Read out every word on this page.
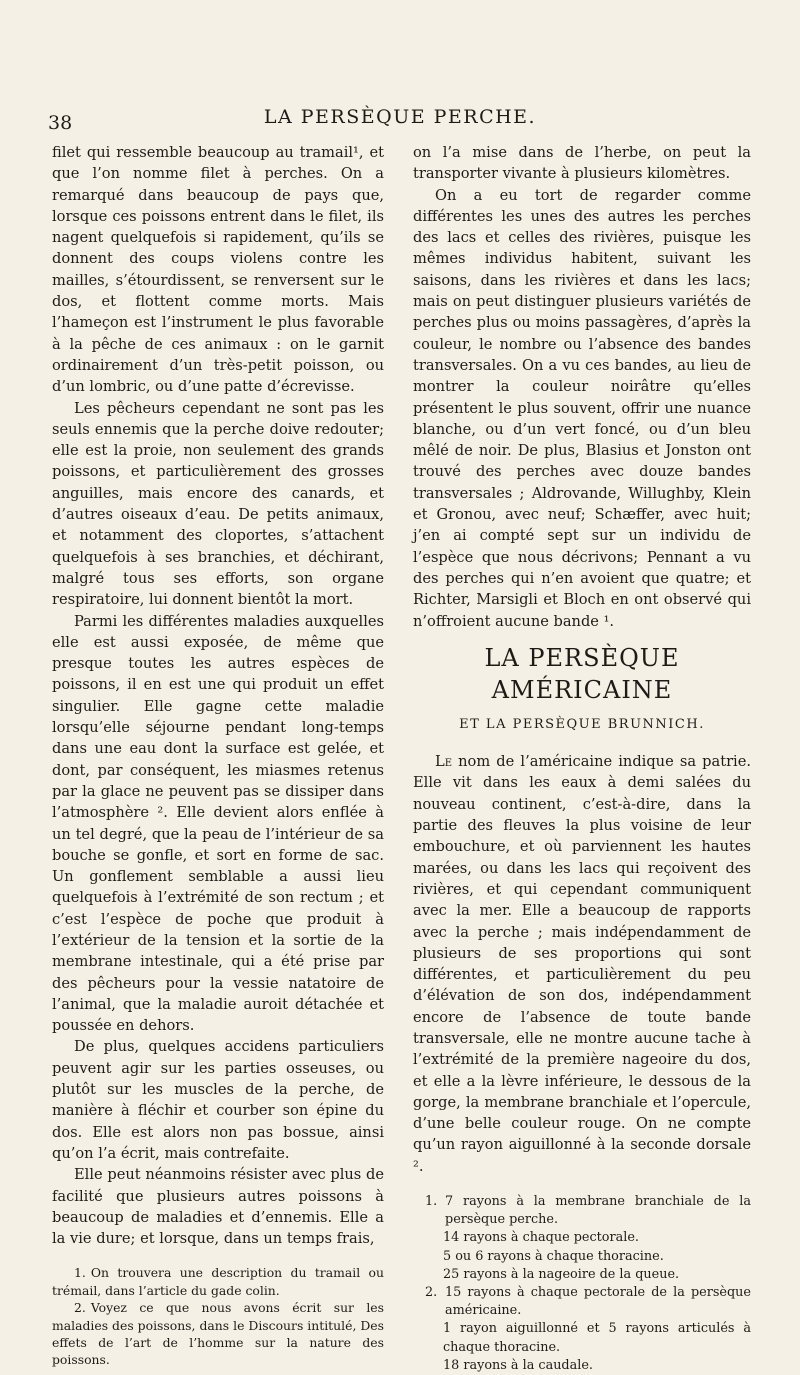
38	LA PERSÈQUE PERCHE.

filet qui ressemble beaucoup au tramail¹, et que l’on nomme filet à perches. On a remarqué dans beaucoup de pays que, lorsque ces poissons entrent dans le filet, ils nagent quelquefois si rapidement, qu’ils se donnent des coups violens contre les mailles, s’étourdissent, se renversent sur le dos, et flottent comme morts. Mais l’hameçon est l’instrument le plus favorable à la pêche de ces animaux : on le garnit ordinairement d’un très-petit poisson, ou d’un lombric, ou d’une patte d’écrevisse.

Les pêcheurs cependant ne sont pas les seuls ennemis que la perche doive redouter; elle est la proie, non seulement des grands poissons, et particulièrement des grosses anguilles, mais encore des canards, et d’autres oiseaux d’eau. De petits animaux, et notamment des cloportes, s’attachent quelquefois à ses branchies, et déchirant, malgré tous ses efforts, son organe respiratoire, lui donnent bientôt la mort.

Parmi les différentes maladies auxquelles elle est aussi exposée, de même que presque toutes les autres espèces de poissons, il en est une qui produit un effet singulier. Elle gagne cette maladie lorsqu’elle séjourne pendant long-temps dans une eau dont la surface est gelée, et dont, par conséquent, les miasmes retenus par la glace ne peuvent pas se dissiper dans l’atmosphère ². Elle devient alors enflée à un tel degré, que la peau de l’intérieur de sa bouche se gonfle, et sort en forme de sac. Un gonflement semblable a aussi lieu quelquefois à l’extrémité de son rectum ; et c’est l’espèce de poche que produit à l’extérieur de la tension et la sortie de la membrane intestinale, qui a été prise par des pêcheurs pour la vessie natatoire de l’animal, que la maladie auroit détachée et poussée en dehors.

De plus, quelques accidens particuliers peuvent agir sur les parties osseuses, ou plutôt sur les muscles de la perche, de manière à fléchir et courber son épine du dos. Elle est alors non pas bossue, ainsi qu’on l’a écrit, mais contrefaite.

Elle peut néanmoins résister avec plus de facilité que plusieurs autres poissons à beaucoup de maladies et d’ennemis. Elle a la vie dure; et lorsque, dans un temps frais,

1. On trouvera une description du tramail ou trémail, dans l’article du gade colin.

2. Voyez ce que nous avons écrit sur les maladies des poissons, dans le Discours intitulé, Des effets de l’art de l’homme sur la nature des poissons.

on l’a mise dans de l’herbe, on peut la transporter vivante à plusieurs kilomètres.

On a eu tort de regarder comme différentes les unes des autres les perches des lacs et celles des rivières, puisque les mêmes individus habitent, suivant les saisons, dans les rivières et dans les lacs; mais on peut distinguer plusieurs variétés de perches plus ou moins passagères, d’après la couleur, le nombre ou l’absence des bandes transversales. On a vu ces bandes, au lieu de montrer la couleur noirâtre qu’elles présentent le plus souvent, offrir une nuance blanche, ou d’un vert foncé, ou d’un bleu mêlé de noir. De plus, Blasius et Jonston ont trouvé des perches avec douze bandes transversales ; Aldrovande, Willughby, Klein et Gronou, avec neuf; Schæffer, avec huit; j’en ai compté sept sur un individu de l’espèce que nous décrivons; Pennant a vu des perches qui n’en avoient que quatre; et Richter, Marsigli et Bloch en ont observé qui n’offroient aucune bande ¹.

LA PERSÈQUE AMÉRICAINE
ET LA PERSÈQUE BRUNNICH.

Le nom de l’américaine indique sa patrie. Elle vit dans les eaux à demi salées du nouveau continent, c’est-à-dire, dans la partie des fleuves la plus voisine de leur embouchure, et où parviennent les hautes marées, ou dans les lacs qui reçoivent des rivières, et qui cependant communiquent avec la mer. Elle a beaucoup de rapports avec la perche ; mais indépendamment de plusieurs de ses proportions qui sont différentes, et particulièrement du peu d’élévation de son dos, indépendamment encore de l’absence de toute bande transversale, elle ne montre aucune tache à l’extrémité de la première nageoire du dos, et elle a la lèvre inférieure, le dessous de la gorge, la membrane branchiale et l’opercule, d’une belle couleur rouge. On ne compte qu’un rayon aiguillonné à la seconde dorsale ².

1. 7 rayons à la membrane branchiale de la persèque perche.
14 rayons à chaque pectorale.
5 ou 6 rayons à chaque thoracine.
25 rayons à la nageoire de la queue.
2. 15 rayons à chaque pectorale de la persèque américaine.
1 rayon aiguillonné et 5 rayons articulés à chaque thoracine.
18 rayons à la caudale.
